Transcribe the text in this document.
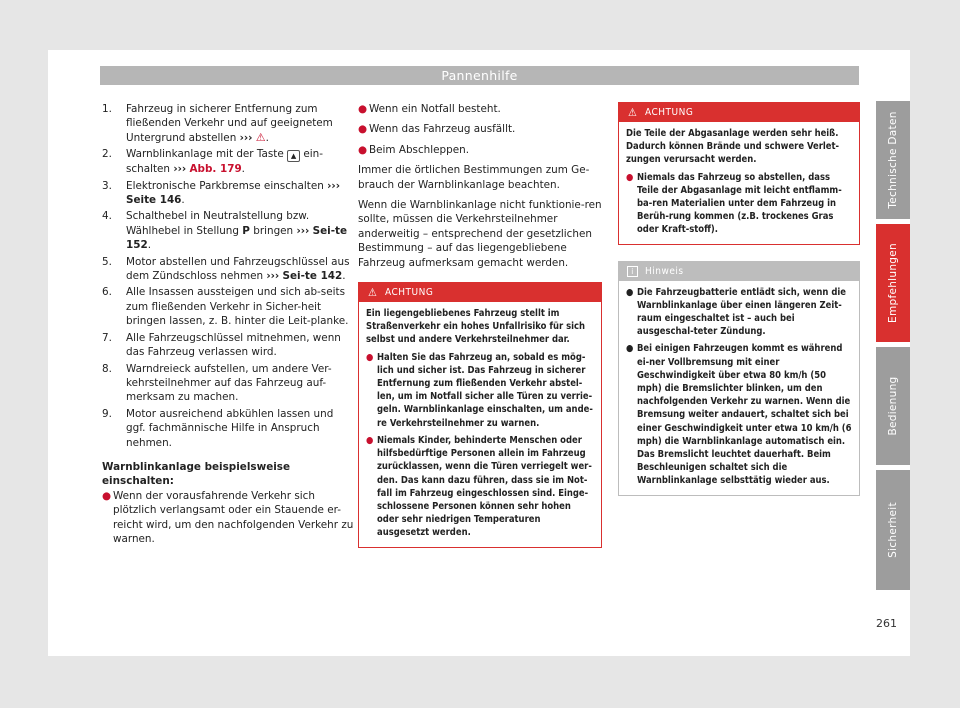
Pannenhilfe
1. Fahrzeug in sicherer Entfernung zum fließenden Verkehr und auf geeignetem Untergrund abstellen ››› ⚠.
2. Warnblinkanlage mit der Taste ▲ ein-schalten ››› Abb. 179.
3. Elektronische Parkbremse einschalten ››› Seite 146.
4. Schalthebel in Neutralstellung bzw. Wählhebel in Stellung P bringen ››› Sei-te 152.
5. Motor abstellen und Fahrzeugschlüssel aus dem Zündschloss nehmen ››› Sei-te 142.
6. Alle Insassen aussteigen und sich ab-seits zum fließenden Verkehr in Sicher-heit bringen lassen, z. B. hinter die Leit-planke.
7. Alle Fahrzeugschlüssel mitnehmen, wenn das Fahrzeug verlassen wird.
8. Warndreieck aufstellen, um andere Ver-kehrsteilnehmer auf das Fahrzeug auf-merksam zu machen.
9. Motor ausreichend abkühlen lassen und ggf. fachmännische Hilfe in Anspruch nehmen.

Warnblinkanlage beispielsweise einschalten:

● Wenn der vorausfahrende Verkehr sich plötzlich verlangsamt oder ein Stauende er-reicht wird, um den nachfolgenden Verkehr zu warnen.

● Wenn ein Notfall besteht.

● Wenn das Fahrzeug ausfällt.

● Beim Abschleppen.

Immer die örtlichen Bestimmungen zum Ge-brauch der Warnblinkanlage beachten.

Wenn die Warnblinkanlage nicht funktionie-ren sollte, müssen die Verkehrsteilnehmer anderweitig – entsprechend der gesetzlichen Bestimmung – auf das liegengebliebene Fahrzeug aufmerksam gemacht werden.

⚠ ACHTUNG

Ein liegengebliebenes Fahrzeug stellt im Straßenverkehr ein hohes Unfallrisiko für sich selbst und andere Verkehrsteilnehmer dar.

● Halten Sie das Fahrzeug an, sobald es mög-lich und sicher ist. Das Fahrzeug in sicherer Entfernung zum fließenden Verkehr abstel-len, um im Notfall sicher alle Türen zu verrie-geln. Warnblinkanlage einschalten, um ande-re Verkehrsteilnehmer zu warnen.

● Niemals Kinder, behinderte Menschen oder hilfsbedürftige Personen allein im Fahrzeug zurücklassen, wenn die Türen verriegelt wer-den. Das kann dazu führen, dass sie im Not-fall im Fahrzeug eingeschlossen sind. Einge-schlossene Personen können sehr hohen oder sehr niedrigen Temperaturen ausgesetzt werden.

⚠ ACHTUNG

Die Teile der Abgasanlage werden sehr heiß. Dadurch können Brände und schwere Verlet-zungen verursacht werden.

● Niemals das Fahrzeug so abstellen, dass Teile der Abgasanlage mit leicht entflamm-ba-ren Materialien unter dem Fahrzeug in Berüh-rung kommen (z.B. trockenes Gras oder Kraft-stoff).

i	Hinweis

● Die Fahrzeugbatterie entlädt sich, wenn die Warnblinkanlage über einen längeren Zeit-raum eingeschaltet ist – auch bei ausgeschal-teter Zündung.

● Bei einigen Fahrzeugen kommt es während ei-ner Vollbremsung mit einer Geschwindigkeit über etwa 80 km/h (50 mph) die Bremslichter blinken, um den nachfolgenden Verkehr zu warnen. Wenn die Bremsung weiter andauert, schaltet sich bei einer Geschwindigkeit unter etwa 10 km/h (6 mph) die Warnblinkanlage automatisch ein. Das Bremslicht leuchtet dauerhaft. Beim Beschleunigen schaltet sich die Warnblinkanlage selbsttätig wieder aus.

Technische Daten
Empfehlungen
Bedienung
Sicherheit
261
